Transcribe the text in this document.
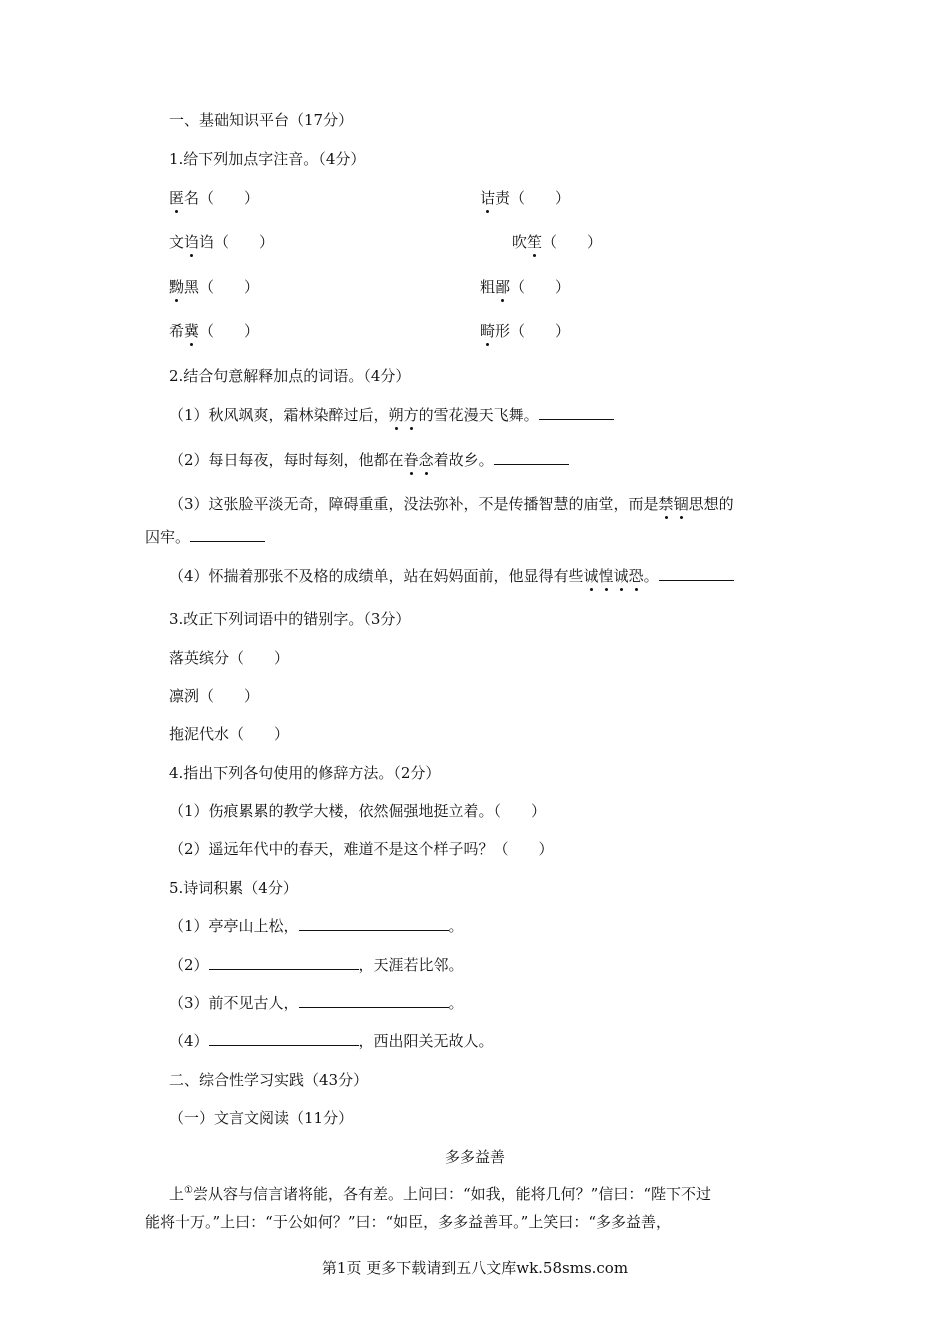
一、基础知识平台（17分）
1.给下列加点字注音。（4分）
匿名（　　）	诘责（　　）
文诌诌（　　）	吹笙（　　）
黝黑（　　）	粗鄙（　　）
希冀（　　）	畸形（　　）
2.结合句意解释加点的词语。（4分）
（1）秋风飒爽，霜林染醉过后，朔方的雪花漫天飞舞。
（2）每日每夜，每时每刻，他都在眷念着故乡。
（3）这张脸平淡无奇，障碍重重，没法弥补，不是传播智慧的庙堂，而是禁锢思想的
囚牢。
（4）怀揣着那张不及格的成绩单，站在妈妈面前，他显得有些诚惶诚恐。
3.改正下列词语中的错别字。（3分）
落英缤分（　　）
凛洌（　　）
拖泥代水（　　）
4.指出下列各句使用的修辞方法。（2分）
（1）伤痕累累的教学大楼，依然倔强地挺立着。（　　）
（2）遥远年代中的春天，难道不是这个样子吗？（　　）
5.诗词积累（4分）
（1）亭亭山上松，	。
（2）	，天涯若比邻。
（3）前不见古人，	。
（4）	，西出阳关无故人。
二、综合性学习实践（43分）
（一）文言文阅读（11分）
多多益善
上①尝从容与信言诸将能，各有差。上问曰：“如我，能将几何？”信曰：“陛下不过
能将十万。”上曰：“于公如何？”曰：“如臣，多多益善耳。”上笑曰：“多多益善，
第1页 更多下载请到五八文库wk.58sms.com
